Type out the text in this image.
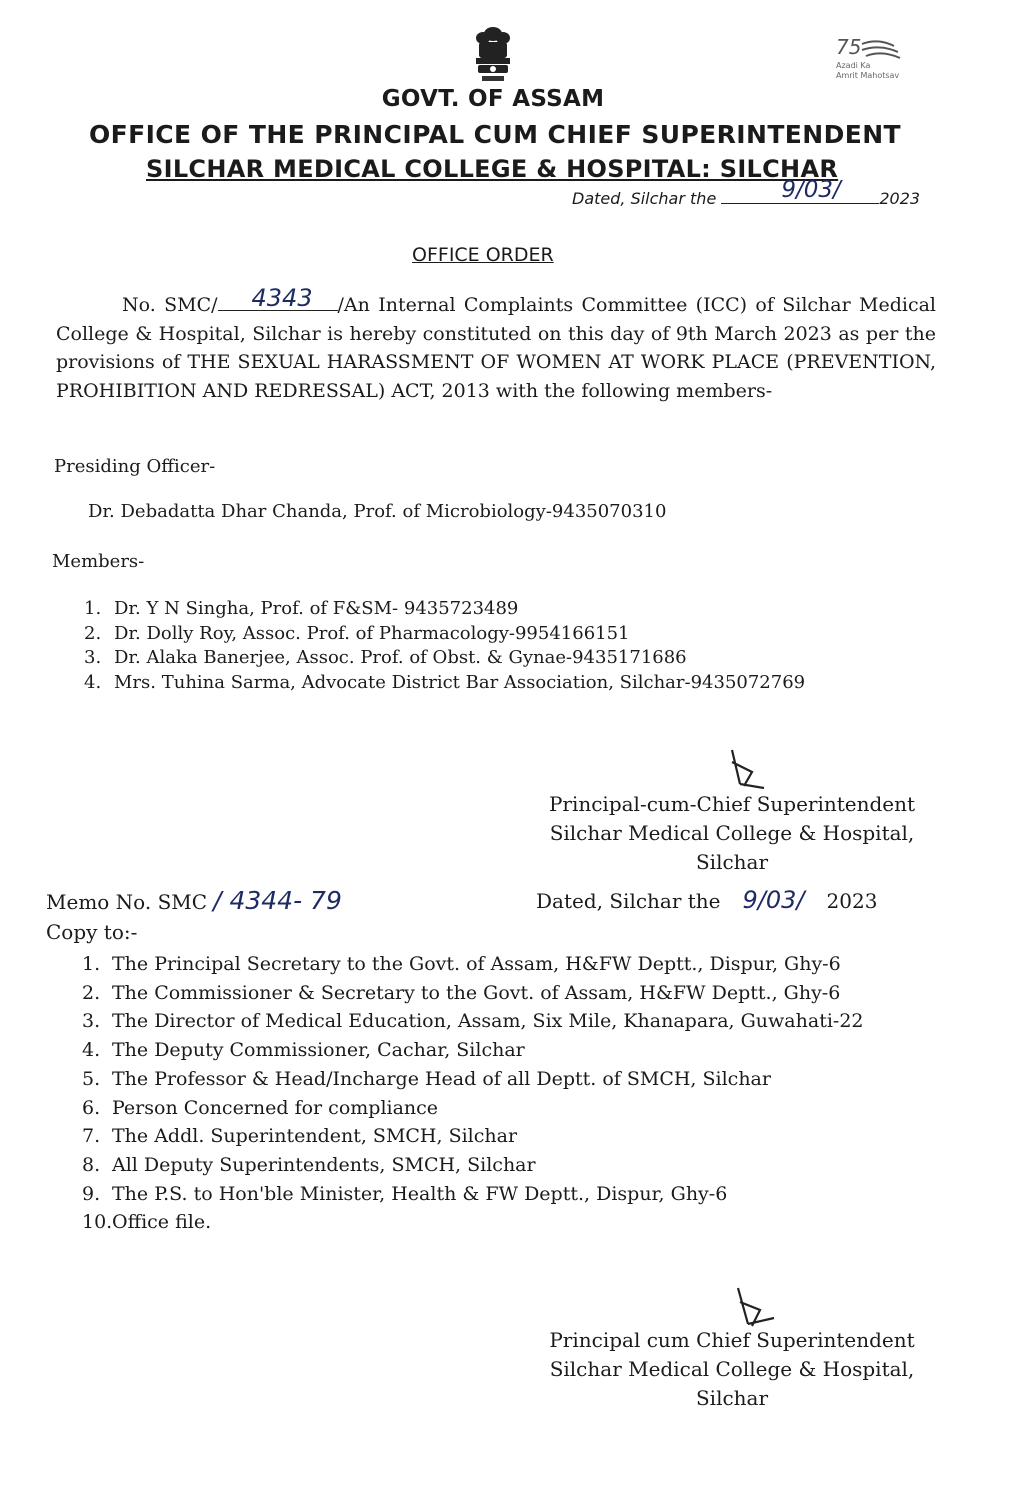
75
Azadi Ka
Amrit Mahotsav
GOVT. OF ASSAM
OFFICE OF THE PRINCIPAL CUM CHIEF SUPERINTENDENT
SILCHAR MEDICAL COLLEGE & HOSPITAL: SILCHAR
Dated, Silchar the	9/03/ 2023
OFFICE ORDER
No. SMC/ 4343 /An Internal Complaints Committee (ICC) of Silchar Medical College & Hospital, Silchar is hereby constituted on this day of 9th March 2023 as per the provisions of THE SEXUAL HARASSMENT OF WOMEN AT WORK PLACE (PREVENTION, PROHIBITION AND REDRESSAL) ACT, 2013 with the following members-
Presiding Officer-
Dr. Debadatta Dhar Chanda, Prof. of Microbiology-9435070310
Members-
1. Dr. Y N Singha, Prof. of F&SM- 9435723489
2. Dr. Dolly Roy, Assoc. Prof. of Pharmacology-9954166151
3. Dr. Alaka Banerjee, Assoc. Prof. of Obst. & Gynae-9435171686
4. Mrs. Tuhina Sarma, Advocate District Bar Association, Silchar-9435072769
Principal-cum-Chief Superintendent
Silchar Medical College & Hospital,
Silchar
Memo No. SMC / 4344- 79	Dated, Silchar the 9/03/ 2023
Copy to:-
1. The Principal Secretary to the Govt. of Assam, H&FW Deptt., Dispur, Ghy-6
2. The Commissioner & Secretary to the Govt. of Assam, H&FW Deptt., Ghy-6
3. The Director of Medical Education, Assam, Six Mile, Khanapara, Guwahati-22
4. The Deputy Commissioner, Cachar, Silchar
5. The Professor & Head/Incharge Head of all Deptt. of SMCH, Silchar
6. Person Concerned for compliance
7. The Addl. Superintendent, SMCH, Silchar
8. All Deputy Superintendents, SMCH, Silchar
9. The P.S. to Hon'ble Minister, Health & FW Deptt., Dispur, Ghy-6
10.Office file.
Principal cum Chief Superintendent
Silchar Medical College & Hospital,
Silchar
